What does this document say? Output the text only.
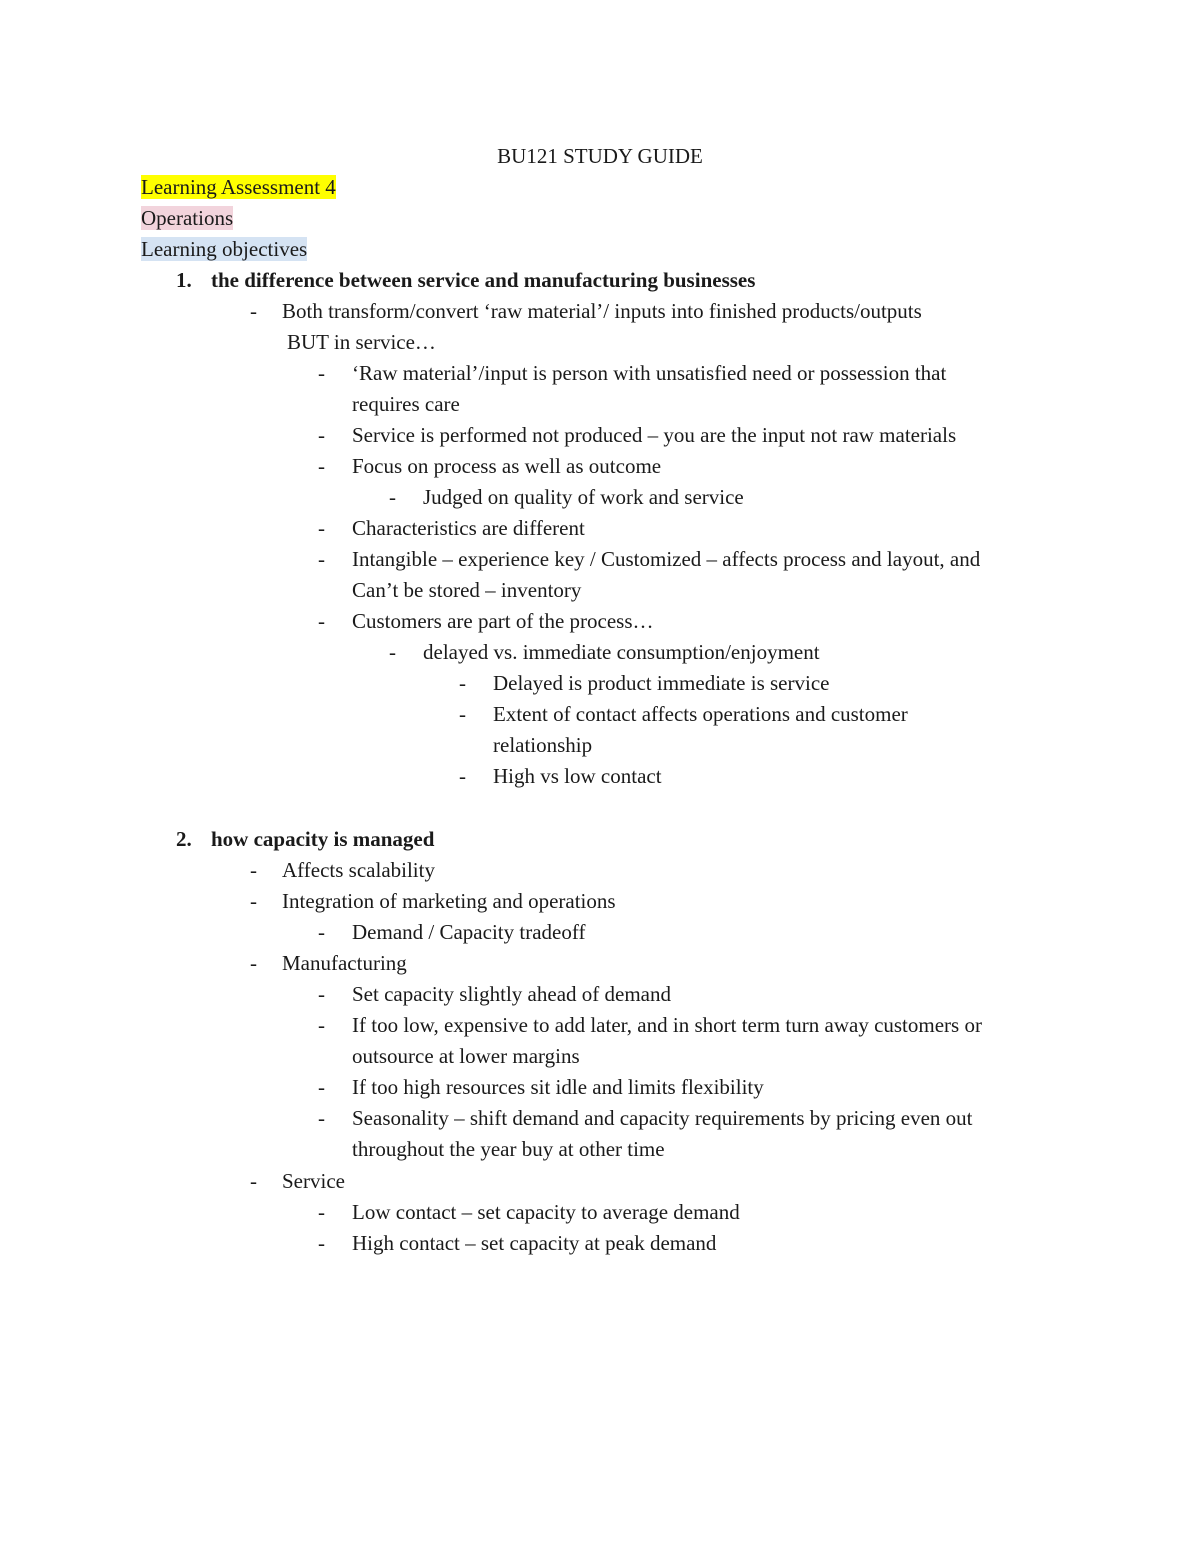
BU121 STUDY GUIDE
Learning Assessment 4
Operations
Learning objectives
1. the difference between service and manufacturing businesses
- Both transform/convert ‘raw material’/ inputs into finished products/outputs
BUT in service…
- ‘Raw material’/input is person with unsatisfied need or possession that
requires care
- Service is performed not produced – you are the input not raw materials
- Focus on process as well as outcome
- Judged on quality of work and service
- Characteristics are different
- Intangible – experience key / Customized – affects process and layout, and
Can’t be stored – inventory
- Customers are part of the process…
- delayed vs. immediate consumption/enjoyment
- Delayed is product immediate is service
- Extent of contact affects operations and customer
relationship
- High vs low contact
2. how capacity is managed
- Affects scalability
- Integration of marketing and operations
- Demand / Capacity tradeoff
- Manufacturing
- Set capacity slightly ahead of demand
- If too low, expensive to add later, and in short term turn away customers or
outsource at lower margins
- If too high resources sit idle and limits flexibility
- Seasonality – shift demand and capacity requirements by pricing even out
throughout the year buy at other time
- Service
- Low contact – set capacity to average demand
- High contact – set capacity at peak demand
